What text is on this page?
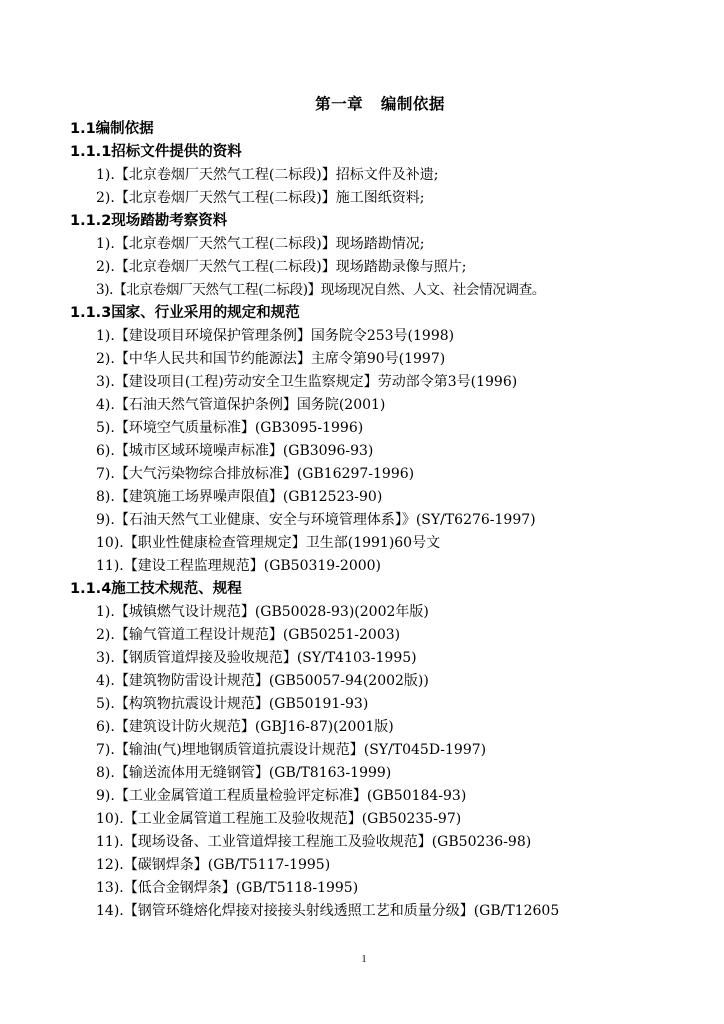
第一章   编制依据
1.1编制依据
1.1.1招标文件提供的资料
1).【北京卷烟厂天然气工程(二标段)】招标文件及补遗;
2).【北京卷烟厂天然气工程(二标段)】施工图纸资料;
1.1.2现场踏勘考察资料
1).【北京卷烟厂天然气工程(二标段)】现场踏勘情况;
2).【北京卷烟厂天然气工程(二标段)】现场踏勘录像与照片;
3).【北京卷烟厂天然气工程(二标段)】现场现况自然、人文、社会情况调查。
1.1.3国家、行业采用的规定和规范
1).【建设项目环境保护管理条例】国务院令253号(1998)
2).【中华人民共和国节约能源法】主席令第90号(1997)
3).【建设项目(工程)劳动安全卫生监察规定】劳动部令第3号(1996)
4).【石油天然气管道保护条例】国务院(2001)
5).【环境空气质量标准】(GB3095-1996)
6).【城市区域环境噪声标准】(GB3096-93)
7).【大气污染物综合排放标准】(GB16297-1996)
8).【建筑施工场界噪声限值】(GB12523-90)
9).【石油天然气工业健康、安全与环境管理体系】》(SY/T6276-1997)
10).【职业性健康检查管理规定】卫生部(1991)60号文
11).【建设工程监理规范】(GB50319-2000)
1.1.4施工技术规范、规程
1).【城镇燃气设计规范】(GB50028-93)(2002年版)
2).【输气管道工程设计规范】(GB50251-2003)
3).【钢质管道焊接及验收规范】(SY/T4103-1995)
4).【建筑物防雷设计规范】(GB50057-94(2002版))
5).【构筑物抗震设计规范】(GB50191-93)
6).【建筑设计防火规范】(GBJ16-87)(2001版)
7).【输油(气)埋地钢质管道抗震设计规范】(SY/T045D-1997)
8).【输送流体用无缝钢管】(GB/T8163-1999)
9).【工业金属管道工程质量检验评定标准】(GB50184-93)
10).【工业金属管道工程施工及验收规范】(GB50235-97)
11).【现场设备、工业管道焊接工程施工及验收规范】(GB50236-98)
12).【碳钢焊条】(GB/T5117-1995)
13).【低合金钢焊条】(GB/T5118-1995)
14).【钢管环缝熔化焊接对接接头射线透照工艺和质量分级】(GB/T12605
1
